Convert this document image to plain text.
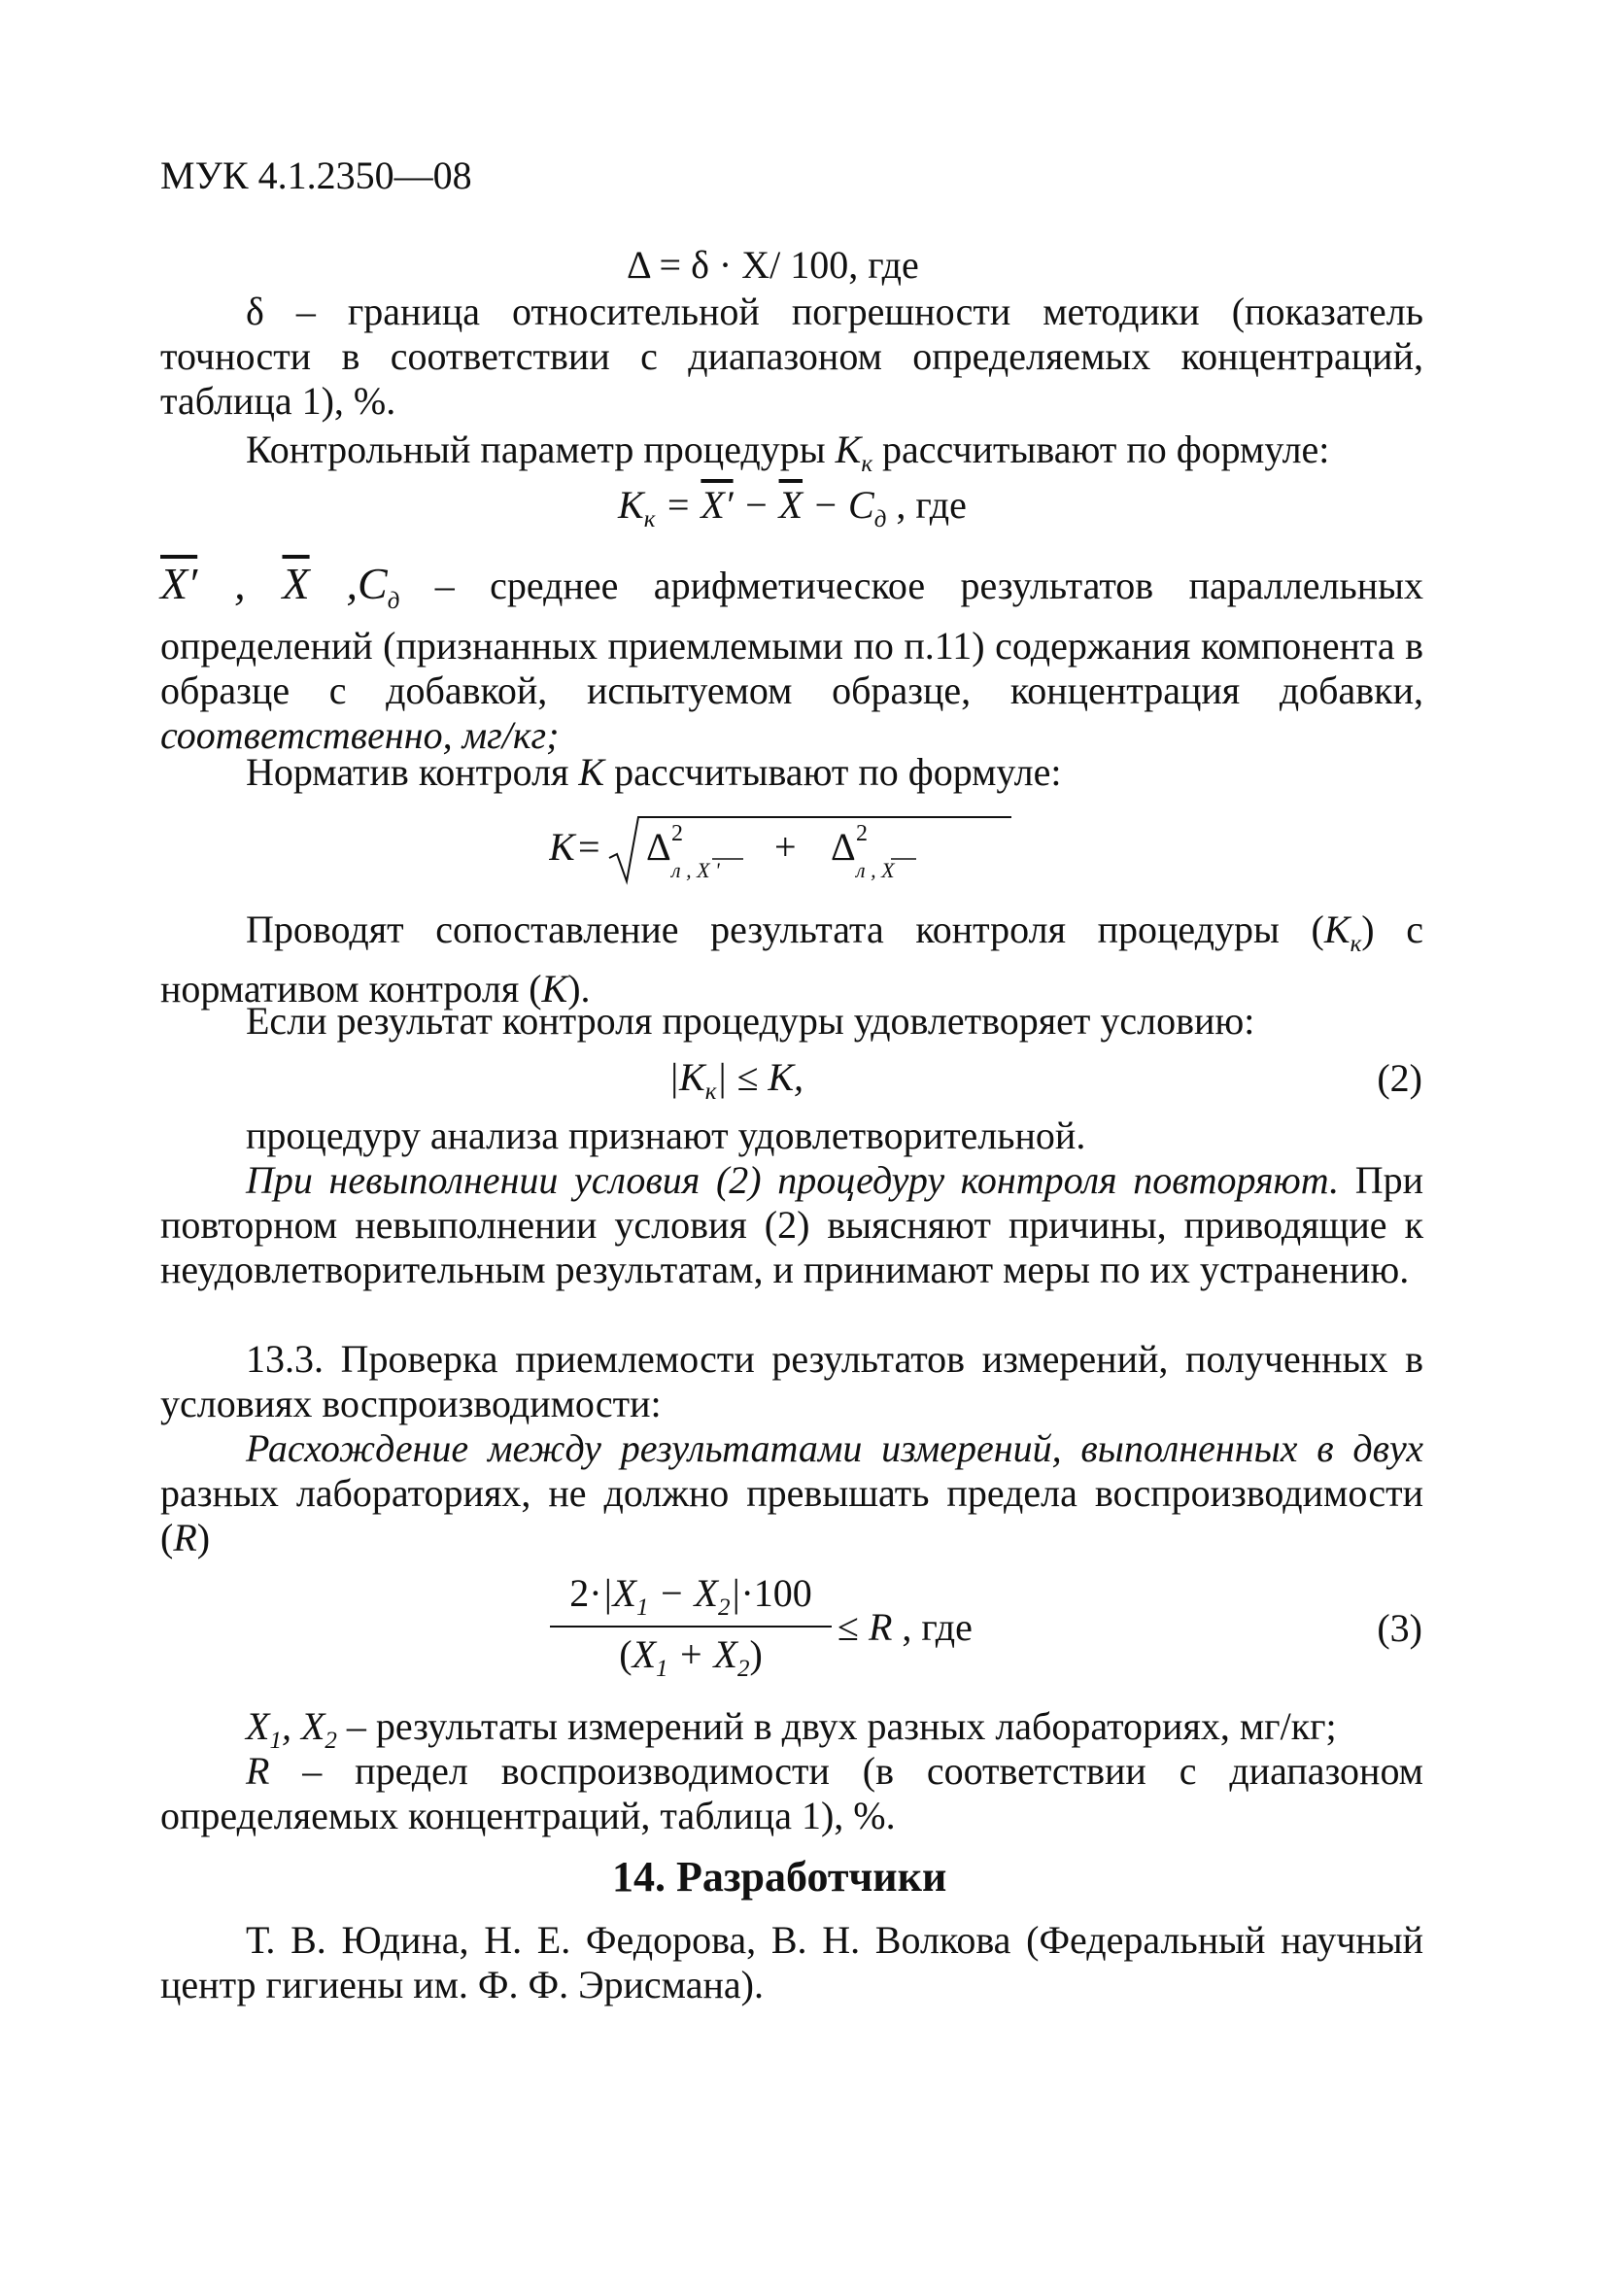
МУК 4.1.2350—08
Δ = δ · X/ 100, где
δ – граница относительной погрешности методики (показатель точности в соответствии с диапазоном определяемых концентраций, таблица 1), %.
Контрольный параметр процедуры $K_к$ рассчитывают по формуле:
$K_к = X' - \overline{X} - C_д$ , где
X′ , $\overline{X}$ $,C_д$ – среднее арифметическое результатов параллельных определений (признанных приемлемыми по п.11) содержания компонента в образце с добавкой, испытуемом образце, концентрация добавки, соответственно, мг/кг;
Норматив контроля K рассчитывают по формуле:
K = Δ 2
л , X '
+ Δ 2
л , X
Проводят сопоставление результата контроля процедуры $(K_к)$ с нормативом контроля (K).
Если результат контроля процедуры удовлетворяет условию:
$|K_к| \le K$,	(2)
процедуру анализа признают удовлетворительной.
При невыполнении условия (2) процедуру контроля повторяют. При повторном невыполнении условия (2) выясняют причины, приводящие к неудовлетворительным результатам, и принимают меры по их устранению.
13.3. Проверка приемлемости результатов измерений, полученных в условиях воспроизводимости:
Расхождение между результатами измерений, выполненных в двух разных лабораториях, не должно превышать предела воспроизводимости (R)
$\frac{2\cdot|X_1 - X_2|\cdot 100}{(X_1 + X_2)} \le R$ , где	(3)
$X_1$, $X_2$ – результаты измерений в двух разных лабораториях, мг/кг;
R – предел воспроизводимости (в соответствии с диапазоном определяемых концентраций, таблица 1), %.
14. Разработчики
Т. В. Юдина, Н. Е. Федорова, В. Н. Волкова (Федеральный научный центр гигиены им. Ф. Ф. Эрисмана).
